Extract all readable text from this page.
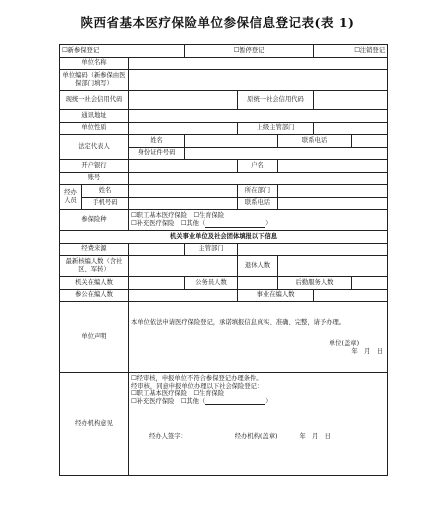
陕西省基本医疗保险单位参保信息登记表(表 1)
☐新参保登记			☐暂停登记			☐注销登记	
单位名称							
单位编码（新参保由医保部门填写）							
现统一社会信用代码				原统一社会信用代码			
通讯地址							
单位性质				上级主管部门			
法定代表人		姓名			联系电话		
		身份证件号码					
开户银行				户名			
账号							
经办人员	姓名			所在部门			
	手机号码			联系电话			
参保险种		☐职工基本医疗保险　☐生育保险
☐补充医疗保险　☐其他（ ）					

机关事业单位及社会团体填报以下信息							
经费来源			主管部门				
最新核编人数（含社区、军转）				退休人数			
机关在编人数			公务员人数		后勤服务人数		
参公在编人数				事业在编人数			
单位声明		本单位依法申请医疗保险登记，承诺填报信息真实、准确、完整，请予办理。
单位(盖章)
年　月　日					

经办机构意见		☐经审核，申报单位不符合参保登记办理条件。
经审核，同意申报单位办理以下社会保险登记：
☐职工基本医疗保险　☐生育保险
☐补充医疗保险　☐其他（ ）
经办人签字： 经办机构(盖章) 年　月　日					
